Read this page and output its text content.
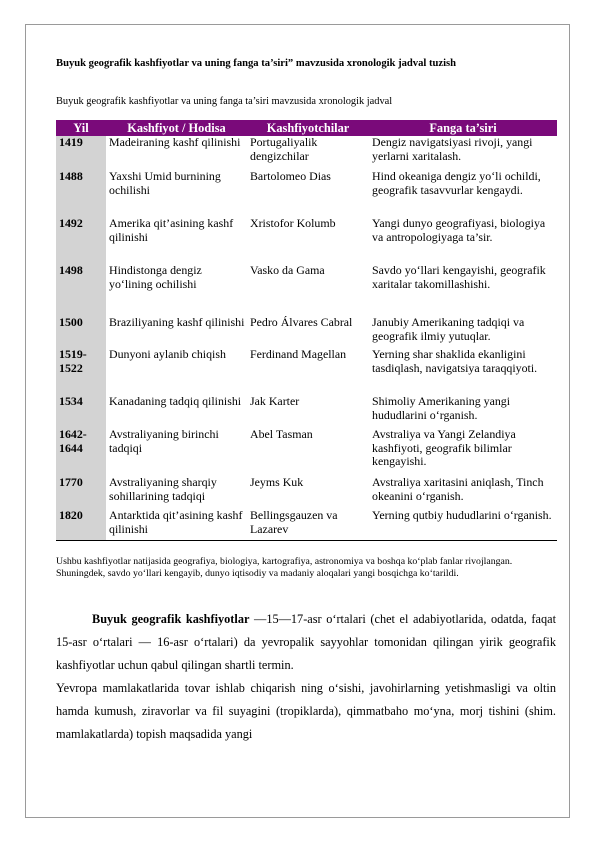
Buyuk geografik kashfiyotlar va uning fanga ta’siri” mavzusida xronologik jadval tuzish
Buyuk geografik kashfiyotlar va uning fanga ta’siri mavzusida xronologik jadval
Yil	Kashfiyot / Hodisa	Kashfiyotchilar	Fanga ta’siri
1419	Madeiraning kashf qilinishi	Portugaliyalik dengizchilar	Dengiz navigatsiyasi rivoji, yangi yerlarni xaritalash.
1488	Yaxshi Umid burnining ochilishi	Bartolomeo Dias	Hind okeaniga dengiz yo‘li ochildi, geografik tasavvurlar kengaydi.
1492	Amerika qit’asining kashf qilinishi	Xristofor Kolumb	Yangi dunyo geografiyasi, biologiya va antropologiyaga ta’sir.
1498	Hindistonga dengiz yo‘lining ochilishi	Vasko da Gama	Savdo yo‘llari kengayishi, geografik xaritalar takomillashishi.
1500	Braziliyaning kashf qilinishi	Pedro Álvares Cabral	Janubiy Amerikaning tadqiqi va geografik ilmiy yutuqlar.
1519-1522	Dunyoni aylanib chiqish	Ferdinand Magellan	Yerning shar shaklida ekanligini tasdiqlash, navigatsiya taraqqiyoti.
1534	Kanadaning tadqiq qilinishi	Jak Karter	Shimoliy Amerikaning yangi hududlarini o‘rganish.
1642-1644	Avstraliyaning birinchi tadqiqi	Abel Tasman	Avstraliya va Yangi Zelandiya kashfiyoti, geografik bilimlar kengayishi.
1770	Avstraliyaning sharqiy sohillarining tadqiqi	Jeyms Kuk	Avstraliya xaritasini aniqlash, Tinch okeanini o‘rganish.
1820	Antarktida qit’asining kashf qilinishi	Bellingsgauzen va Lazarev	Yerning qutbiy hududlarini o‘rganish.
Ushbu kashfiyotlar natijasida geografiya, biologiya, kartografiya, astronomiya va boshqa ko‘plab fanlar rivojlangan. Shuningdek, savdo yo‘llari kengayib, dunyo iqtisodiy va madaniy aloqalari yangi bosqichga ko‘tarildi.

Buyuk geografik kashfiyotlar —15—17-asr o‘rtalari (chet el adabiyotlarida, odatda, faqat 15-asr o‘rtalari — 16-asr o‘rtalari) da yevropalik sayyohlar tomonidan qilingan yirik geografik kashfiyotlar uchun qabul qilingan shartli termin.

Yevropa mamlakatlarida tovar ishlab chiqarish ning o‘sishi, javohirlarning yetishmasligi va oltin hamda kumush, ziravorlar va fil suyagini (tropiklarda), qimmatbaho mo‘yna, morj tishini (shim. mamlakatlarda) topish maqsadida yangi
